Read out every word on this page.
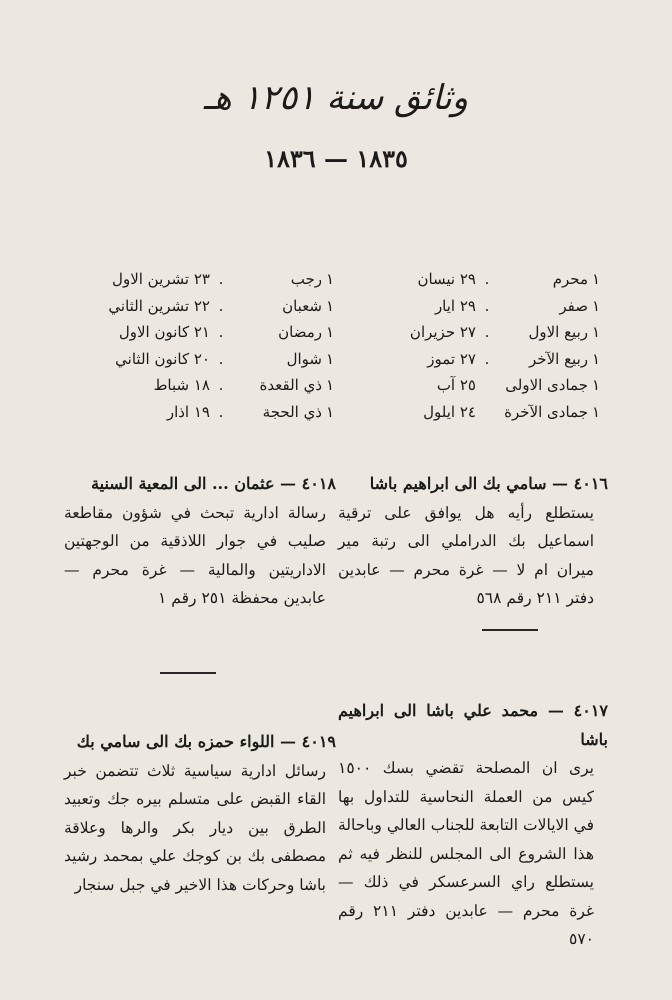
وثائق سنة ١٢٥١ هـ
١٨٣٥ — ١٨٣٦
١
محرم
.
٢٩ نيسان
١
صفر
.
٢٩ ايار
١
ربيع الاول
.
٢٧ حزيران
١
ربيع الآخر
.
٢٧ تموز
١
جمادى الاولى
٢٥ آب
١
جمادى الآخرة
٢٤ ايلول
١
رجب
.
٢٣ تشرين الاول
١
شعبان
.
٢٢ تشرين الثاني
١
رمضان
.
٢١ كانون الاول
١
شوال
.
٢٠ كانون الثاني
١
ذي القعدة
.
١٨ شباط
١
ذي الحجة
.
١٩ اذار

٤٠١٦ — سامي بك الى ابراهيم باشا

يستطلع رأيه هل يوافق على ترقية اسماعيل بك الدراملي الى رتبة مير ميران ام لا — غرة محرم — عابدين دفتر ٢١١ رقم ٥٦٨

٤٠١٧ — محمد علي باشا الى ابراهيم باشا

يرى ان المصلحة تقضي بسك ١٥٠٠ كيس من العملة النحاسية للتداول بها في الايالات التابعة للجناب العالي وباحالة هذا الشروع الى المجلس للنظر فيه ثم يستطلع راي السرعسكر في ذلك — غرة محرم — عابدين دفتر ٢١١ رقم ٥٧٠

٤٠١٨ — عثمان ... الى المعية السنية

رسالة ادارية تبحث في شؤون مقاطعة صليب في جوار اللاذقية من الوجهتين الاداريتين والمالية — غرة محرم — عابدين محفظة ٢٥١ رقم ١

٤٠١٩ — اللواء حمزه بك الى سامي بك

رسائل ادارية سياسية ثلاث تتضمن خبر القاء القبض على متسلم بيره جك وتعبيد الطرق بين ديار بكر والرها وعلاقة مصطفى بك بن كوجك علي بمحمد رشيد باشا وحركات هذا الاخير في جبل سنجار
